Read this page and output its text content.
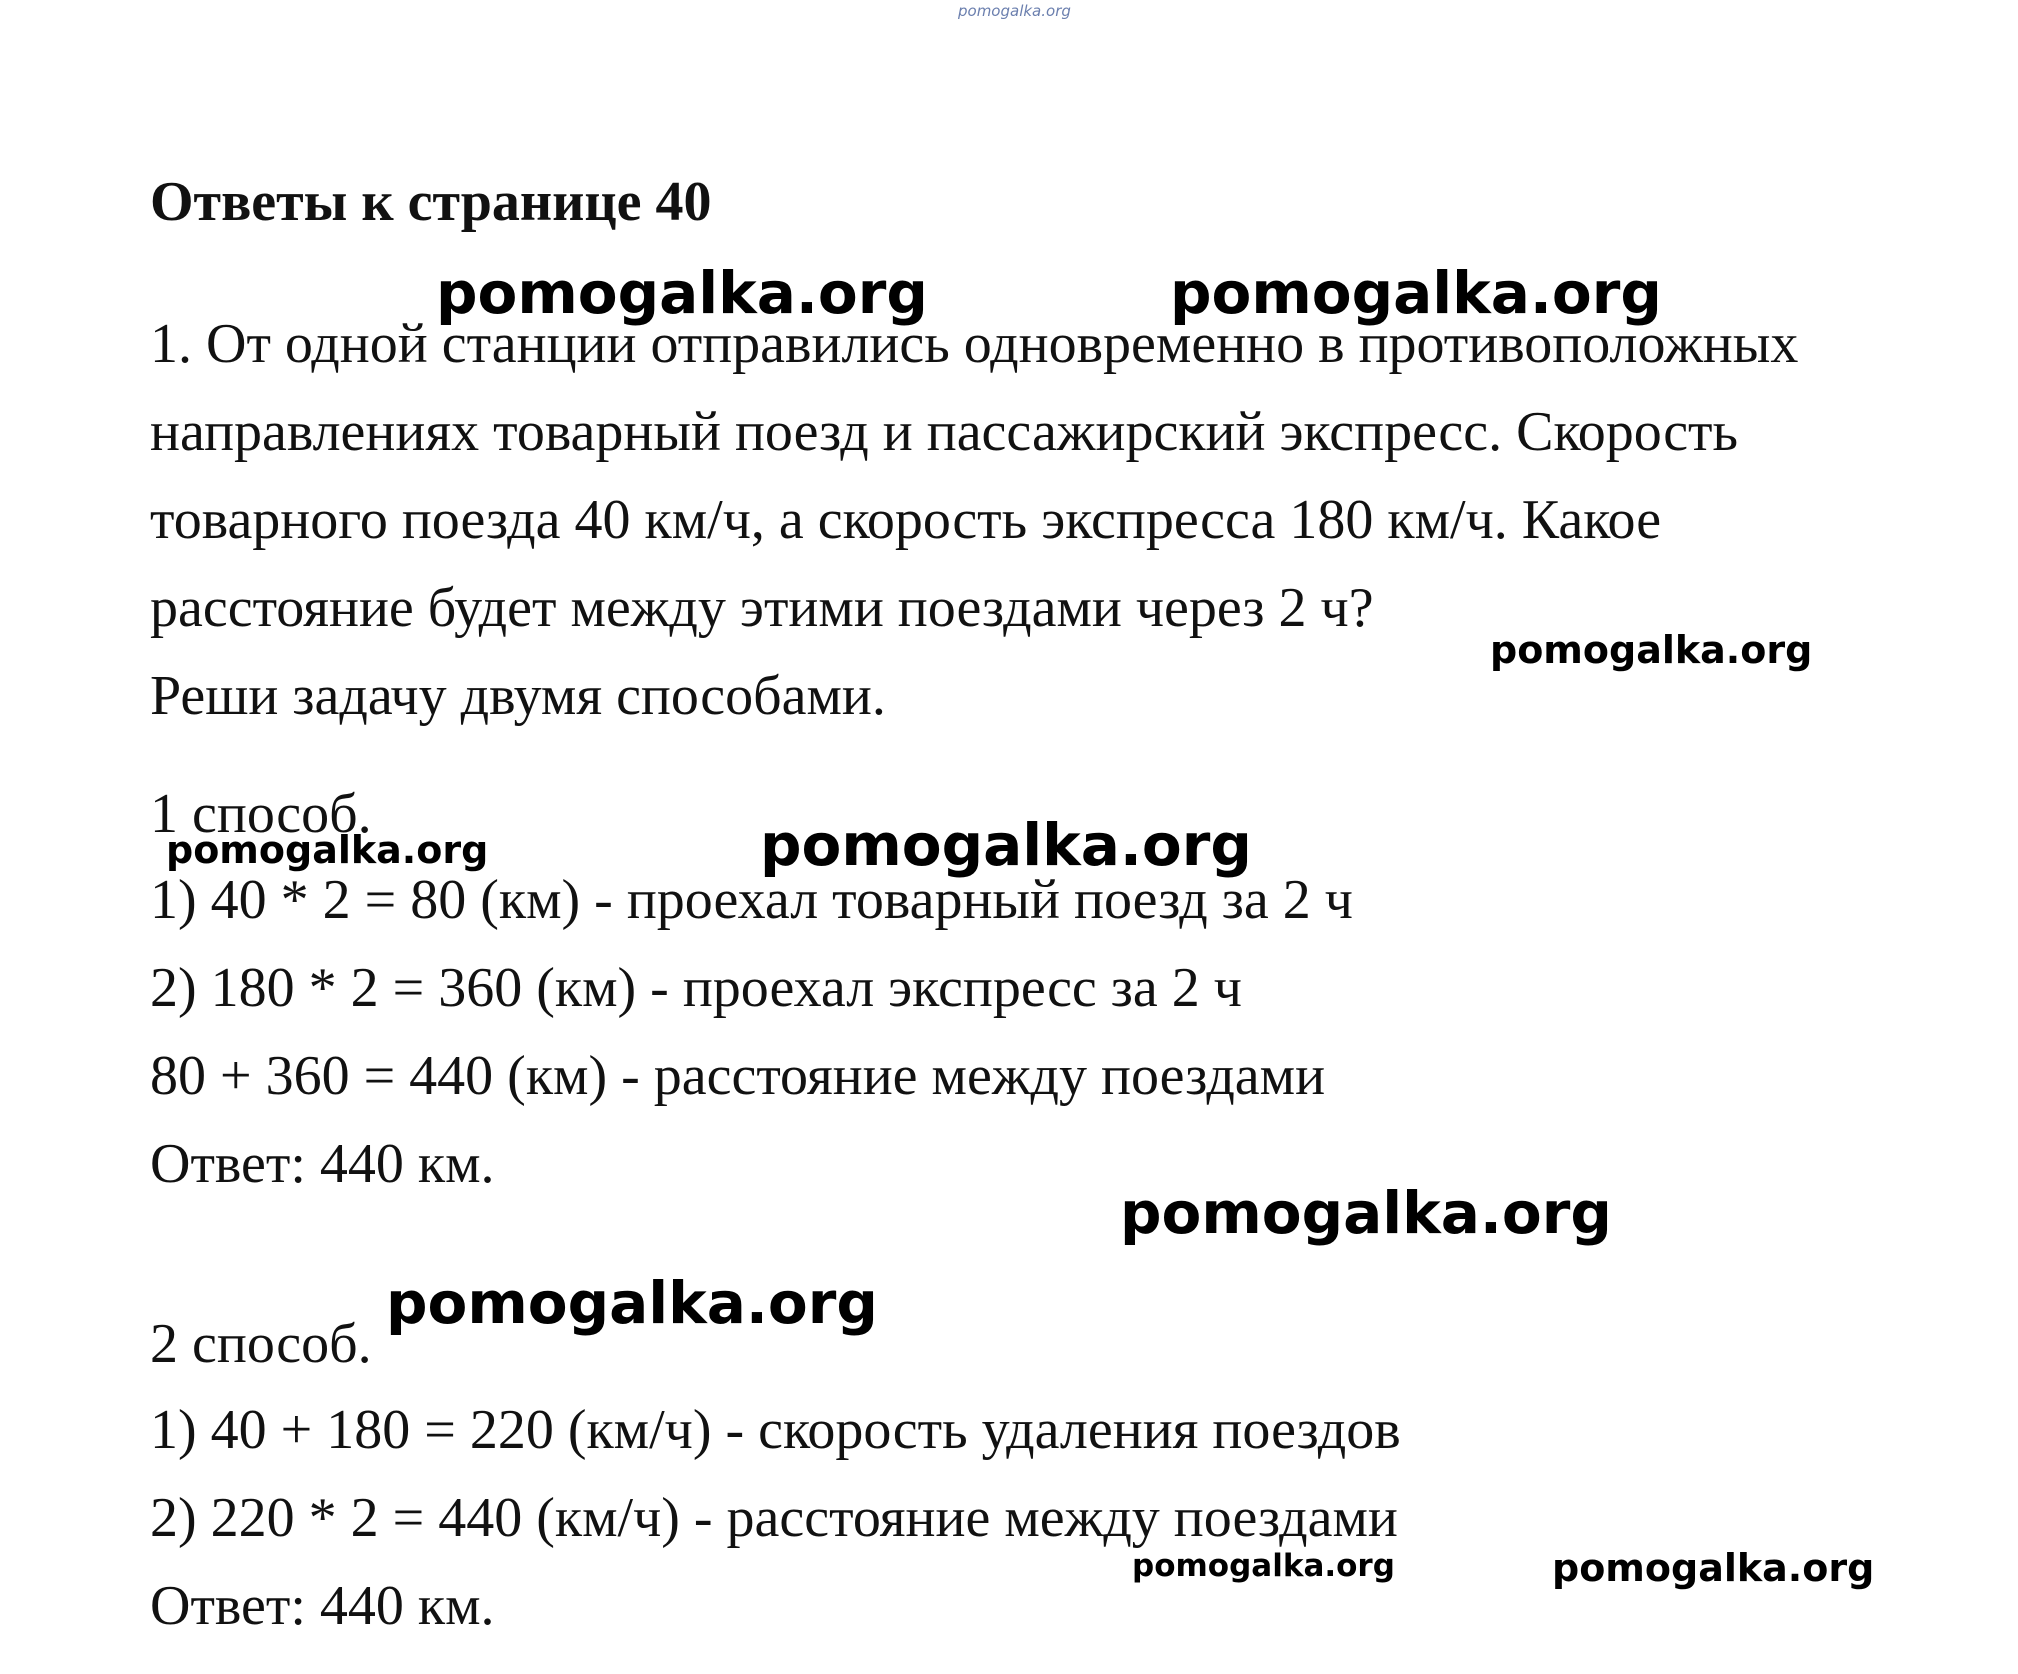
pomogalka.org
Ответы к странице 40
1. От одной станции отправились одновременно в противоположных
направлениях товарный поезд и пассажирский экспресс. Скорость
товарного поезда 40 км/ч, а скорость экспресса 180 км/ч. Какое
расстояние будет между этими поездами через 2 ч?
Реши задачу двумя способами.
1 способ.
1) 40 * 2 = 80 (км) - проехал товарный поезд за 2 ч
2) 180 * 2 = 360 (км) - проехал экспресс за 2 ч
80 + 360 = 440 (км) - расстояние между поездами
Ответ: 440 км.
2 способ.
1) 40 + 180 = 220 (км/ч) - скорость удаления поездов
2) 220 * 2 = 440 (км/ч) - расстояние между поездами
Ответ: 440 км.
pomogalka.org	pomogalka.org
pomogalka.org
pomogalka.org	pomogalka.org
pomogalka.org
pomogalka.org
pomogalka.org	pomogalka.org
